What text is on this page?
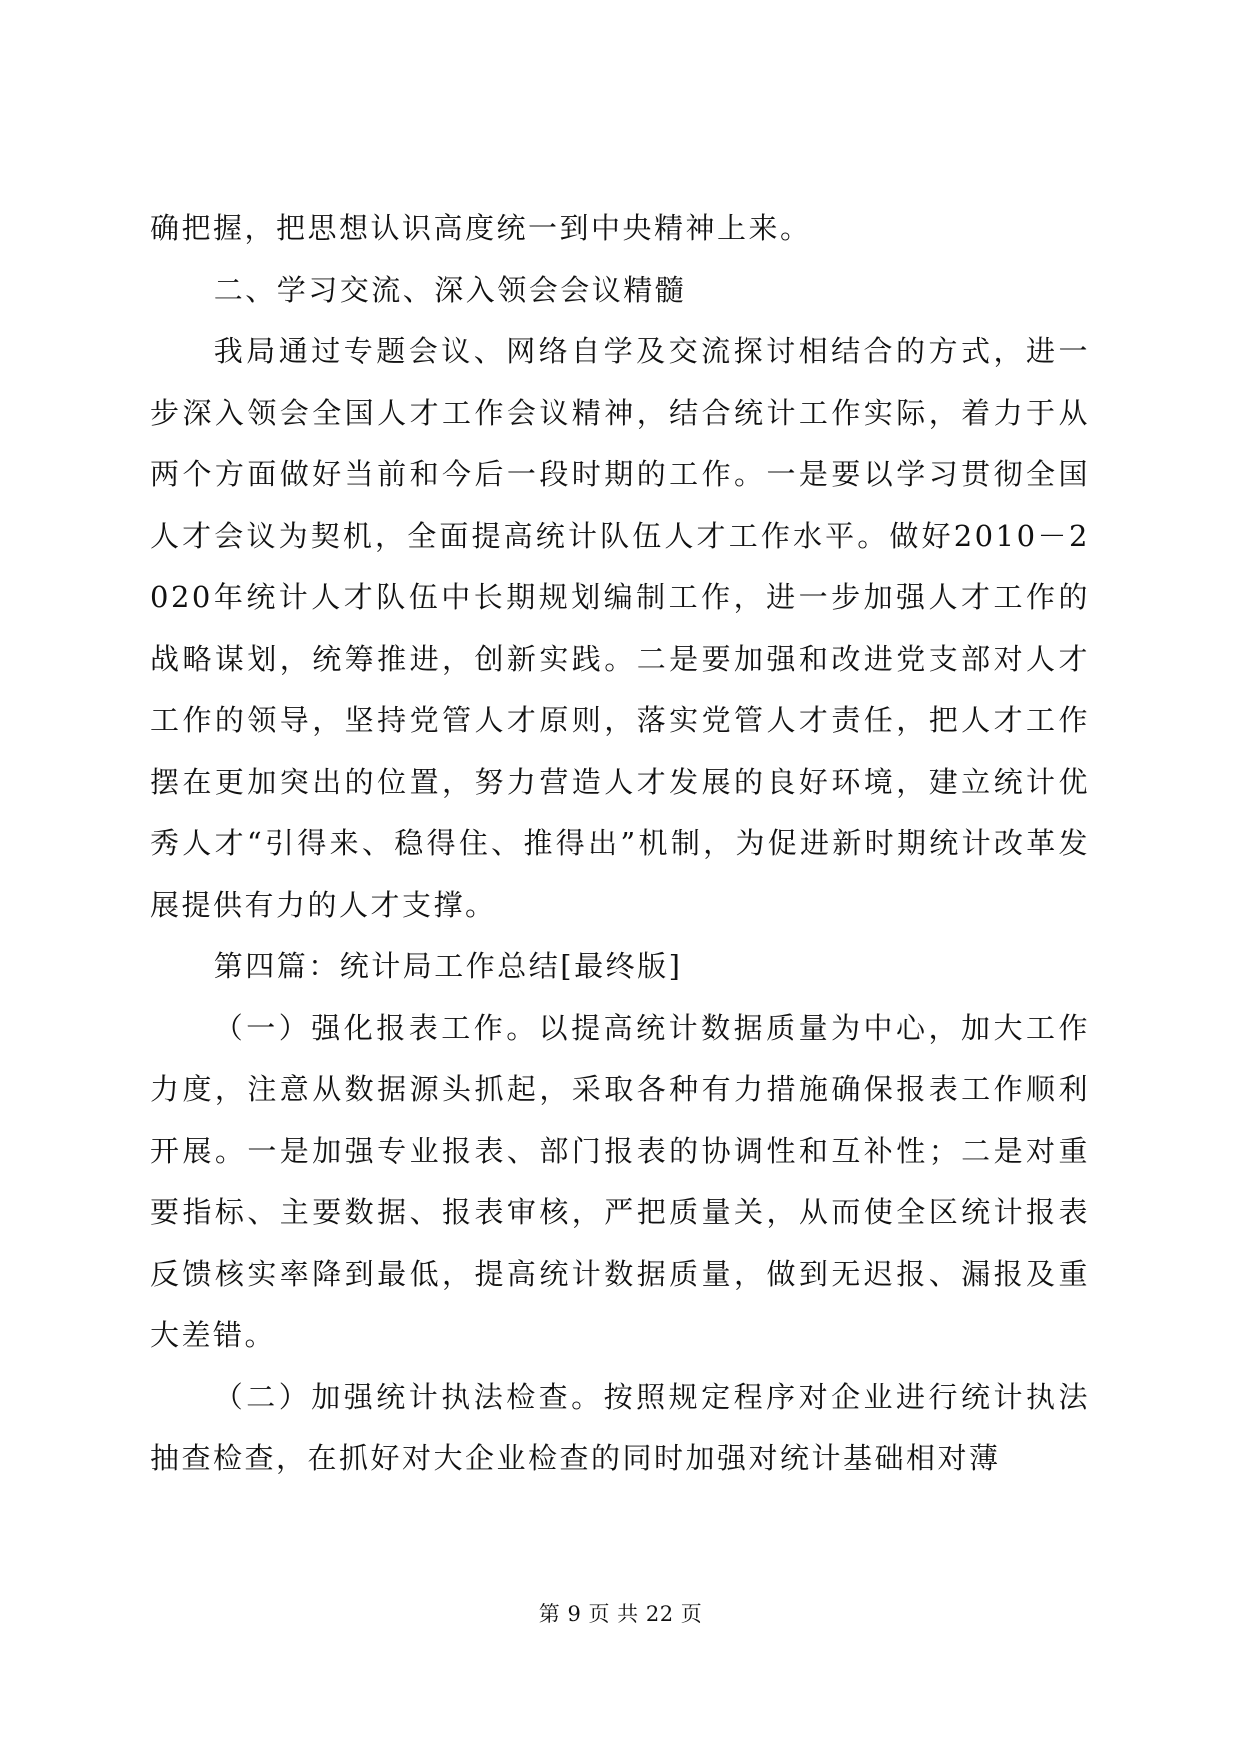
确把握，把思想认识高度统一到中央精神上来。

二、学习交流、深入领会会议精髓

我局通过专题会议、网络自学及交流探讨相结合的方式，进一步深入领会全国人才工作会议精神，结合统计工作实际，着力于从两个方面做好当前和今后一段时期的工作。一是要以学习贯彻全国人才会议为契机，全面提高统计队伍人才工作水平。做好2010－2020年统计人才队伍中长期规划编制工作，进一步加强人才工作的战略谋划，统筹推进，创新实践。二是要加强和改进党支部对人才工作的领导，坚持党管人才原则，落实党管人才责任，把人才工作摆在更加突出的位置，努力营造人才发展的良好环境，建立统计优秀人才“引得来、稳得住、推得出”机制，为促进新时期统计改革发展提供有力的人才支撑。

第四篇：统计局工作总结[最终版]

（一）强化报表工作。以提高统计数据质量为中心，加大工作力度，注意从数据源头抓起，采取各种有力措施确保报表工作顺利开展。一是加强专业报表、部门报表的协调性和互补性；二是对重要指标、主要数据、报表审核，严把质量关，从而使全区统计报表反馈核实率降到最低，提高统计数据质量，做到无迟报、漏报及重大差错。

（二）加强统计执法检查。按照规定程序对企业进行统计执法抽查检查，在抓好对大企业检查的同时加强对统计基础相对薄

第 9 页 共 22 页
